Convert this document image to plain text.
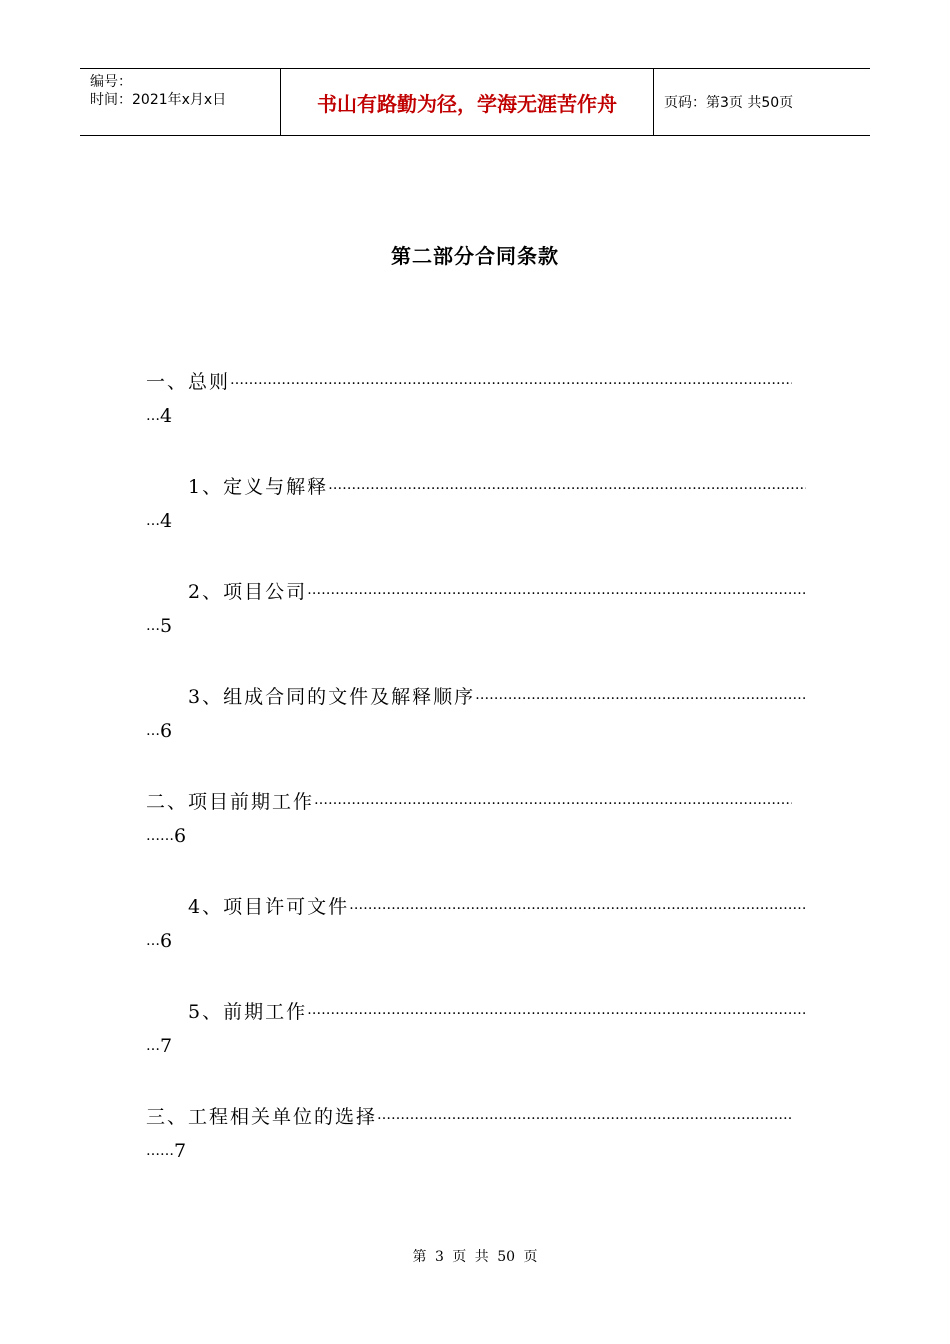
编号：
时间：2021年x月x日	书山有路勤为径，学海无涯苦作舟	页码：第3页 共50页
第二部分合同条款
一、总则
…………………………………………………………………………………………………………………………………………
… 4
1、定义与解释
…………………………………………………………………………………………………………………………………………
… 4
2、项目公司
…………………………………………………………………………………………………………………………………………
… 5
3、组成合同的文件及解释顺序
…………………………………………………………………………………………………………………………………………
… 6
二、项目前期工作
…………………………………………………………………………………………………………………………………………
…… 6
4、项目许可文件
…………………………………………………………………………………………………………………………………………
… 6
5、前期工作
…………………………………………………………………………………………………………………………………………
… 7
三、工程相关单位的选择
…………………………………………………………………………………………………………………………………………
…… 7
第 3 页 共 50 页
